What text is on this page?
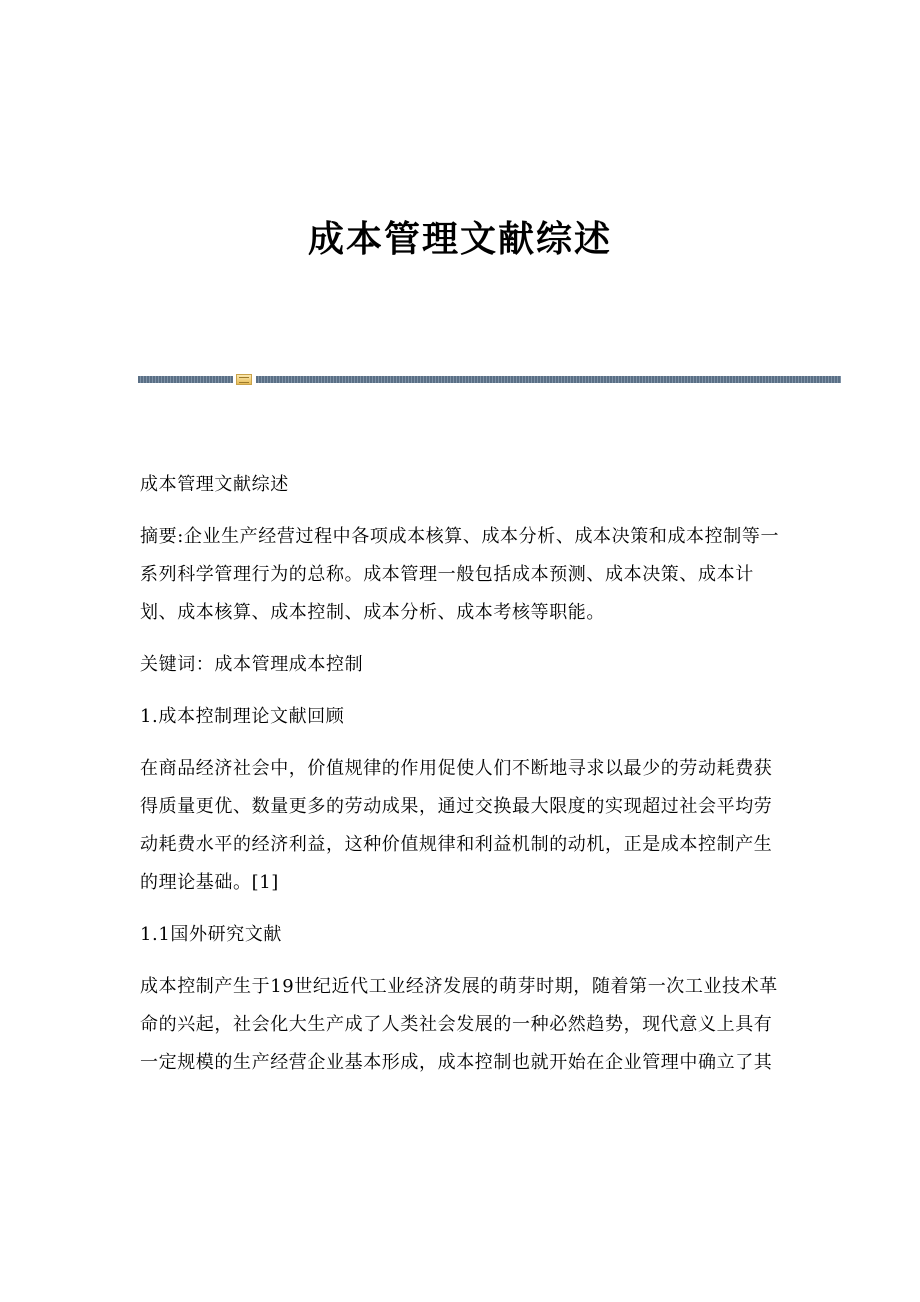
成本管理文献综述

成本管理文献综述

摘要:企业生产经营过程中各项成本核算、成本分析、成本决策和成本控制等一系列科学管理行为的总称。成本管理一般包括成本预测、成本决策、成本计划、成本核算、成本控制、成本分析、成本考核等职能。

关键词：成本管理成本控制

1.成本控制理论文献回顾

在商品经济社会中，价值规律的作用促使人们不断地寻求以最少的劳动耗费获得质量更优、数量更多的劳动成果，通过交换最大限度的实现超过社会平均劳动耗费水平的经济利益，这种价值规律和利益机制的动机，正是成本控制产生的理论基础。[1]

1.1国外研究文献

成本控制产生于19世纪近代工业经济发展的萌芽时期，随着第一次工业技术革命的兴起，社会化大生产成了人类社会发展的一种必然趋势，现代意义上具有一定规模的生产经营企业基本形成，成本控制也就开始在企业管理中确立了其
